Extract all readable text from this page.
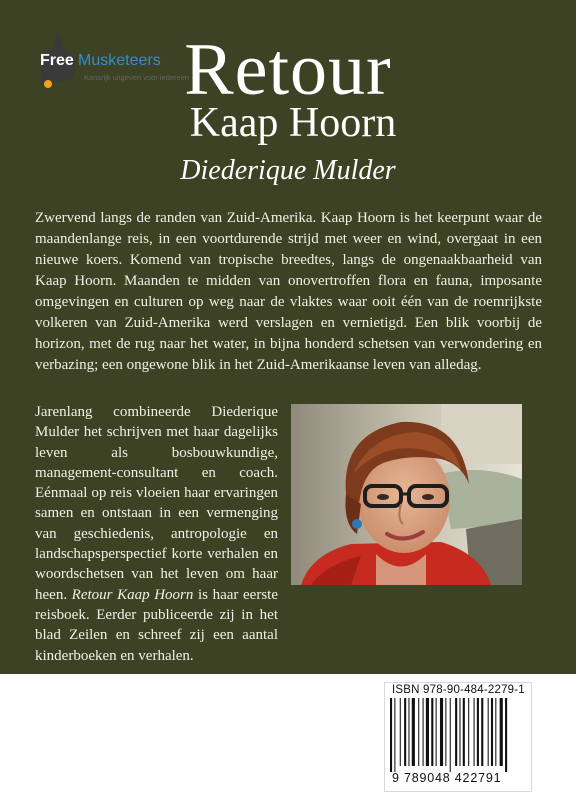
Retour
Kaap Hoorn
Diederique Mulder

Zwervend langs de randen van Zuid-Amerika. Kaap Hoorn is het keerpunt waar de maandenlange reis, in een voortdurende strijd met weer en wind, overgaat in een nieuwe koers. Komend van tropische breedtes, langs de ongenaakbaarheid van Kaap Hoorn. Maanden te midden van onovertroffen flora en fauna, imposante omgevingen en culturen op weg naar de vlaktes waar ooit één van de roemrijkste volkeren van Zuid-Amerika werd verslagen en vernietigd. Een blik voorbij de horizon, met de rug naar het water, in bijna honderd schetsen van verwondering en verbazing; een ongewone blik in het Zuid-Amerikaanse leven van alledag.

Jarenlang combineerde Diederique Mulder het schrijven met haar dagelijks leven als bosbouwkundige, management-consultant en coach. Eénmaal op reis vloeien haar ervaringen samen en ontstaan in een vermenging van geschiedenis, antropologie en landschapsperspectief korte verhalen en woordschetsen van het leven om haar heen. Retour Kaap Hoorn is haar eerste reisboek. Eerder publiceerde zij in het blad Zeilen en schreef zij een aantal kinderboeken en verhalen.

Free Musketeers
Kansrijk uitgeven voor iedereen
ISBN 978-90-484-2279-1
9 789048 422791
